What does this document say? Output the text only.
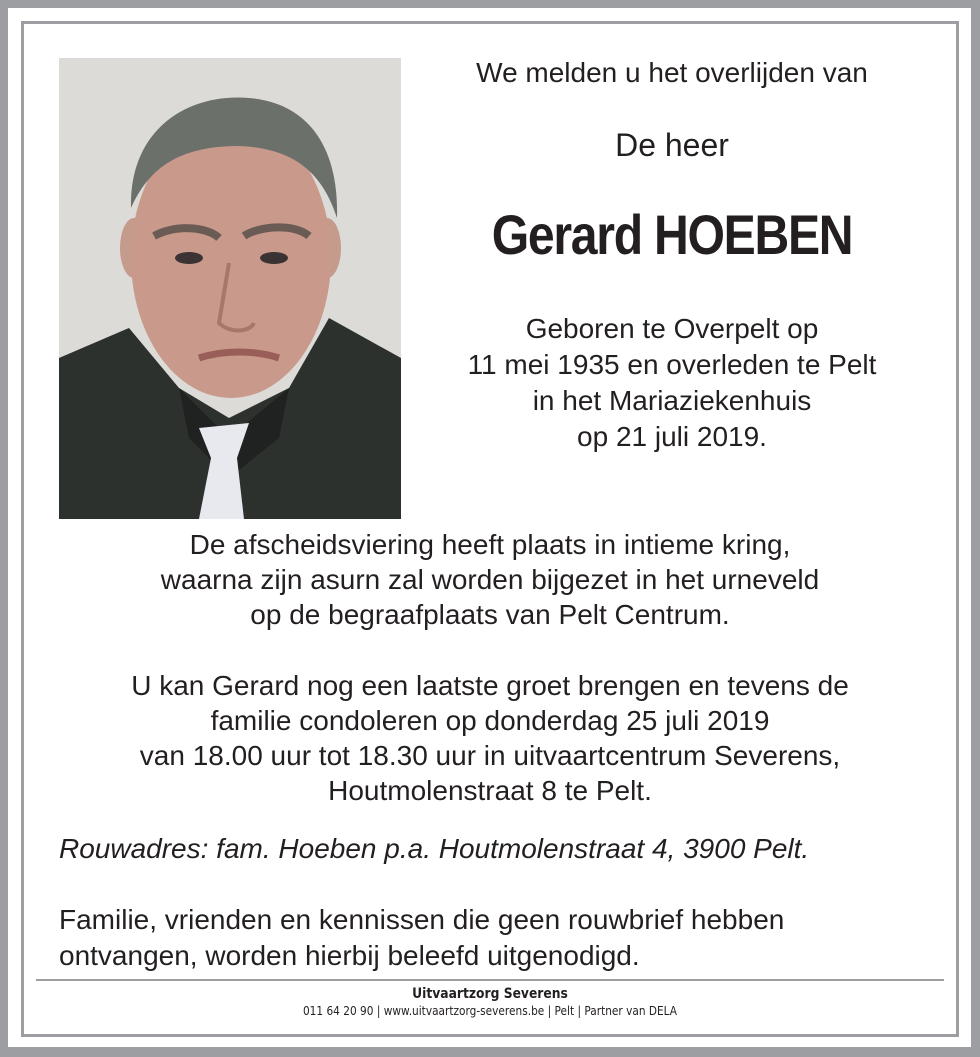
We melden u het overlijden van
De heer
Gerard HOEBEN
Geboren te Overpelt op
11 mei 1935 en overleden te Pelt
in het Mariaziekenhuis
op 21 juli 2019.
De afscheidsviering heeft plaats in intieme kring,
waarna zijn asurn zal worden bijgezet in het urneveld
op de begraafplaats van Pelt Centrum.
U kan Gerard nog een laatste groet brengen en tevens de
familie condoleren op donderdag 25 juli 2019
van 18.00 uur tot 18.30 uur in uitvaartcentrum Severens,
Houtmolenstraat 8 te Pelt.
Rouwadres: fam. Hoeben p.a. Houtmolenstraat 4, 3900 Pelt.
Familie, vrienden en kennissen die geen rouwbrief hebben
ontvangen, worden hierbij beleefd uitgenodigd.
Uitvaartzorg Severens
011 64 20 90 | www.uitvaartzorg-severens.be | Pelt | Partner van DELA
